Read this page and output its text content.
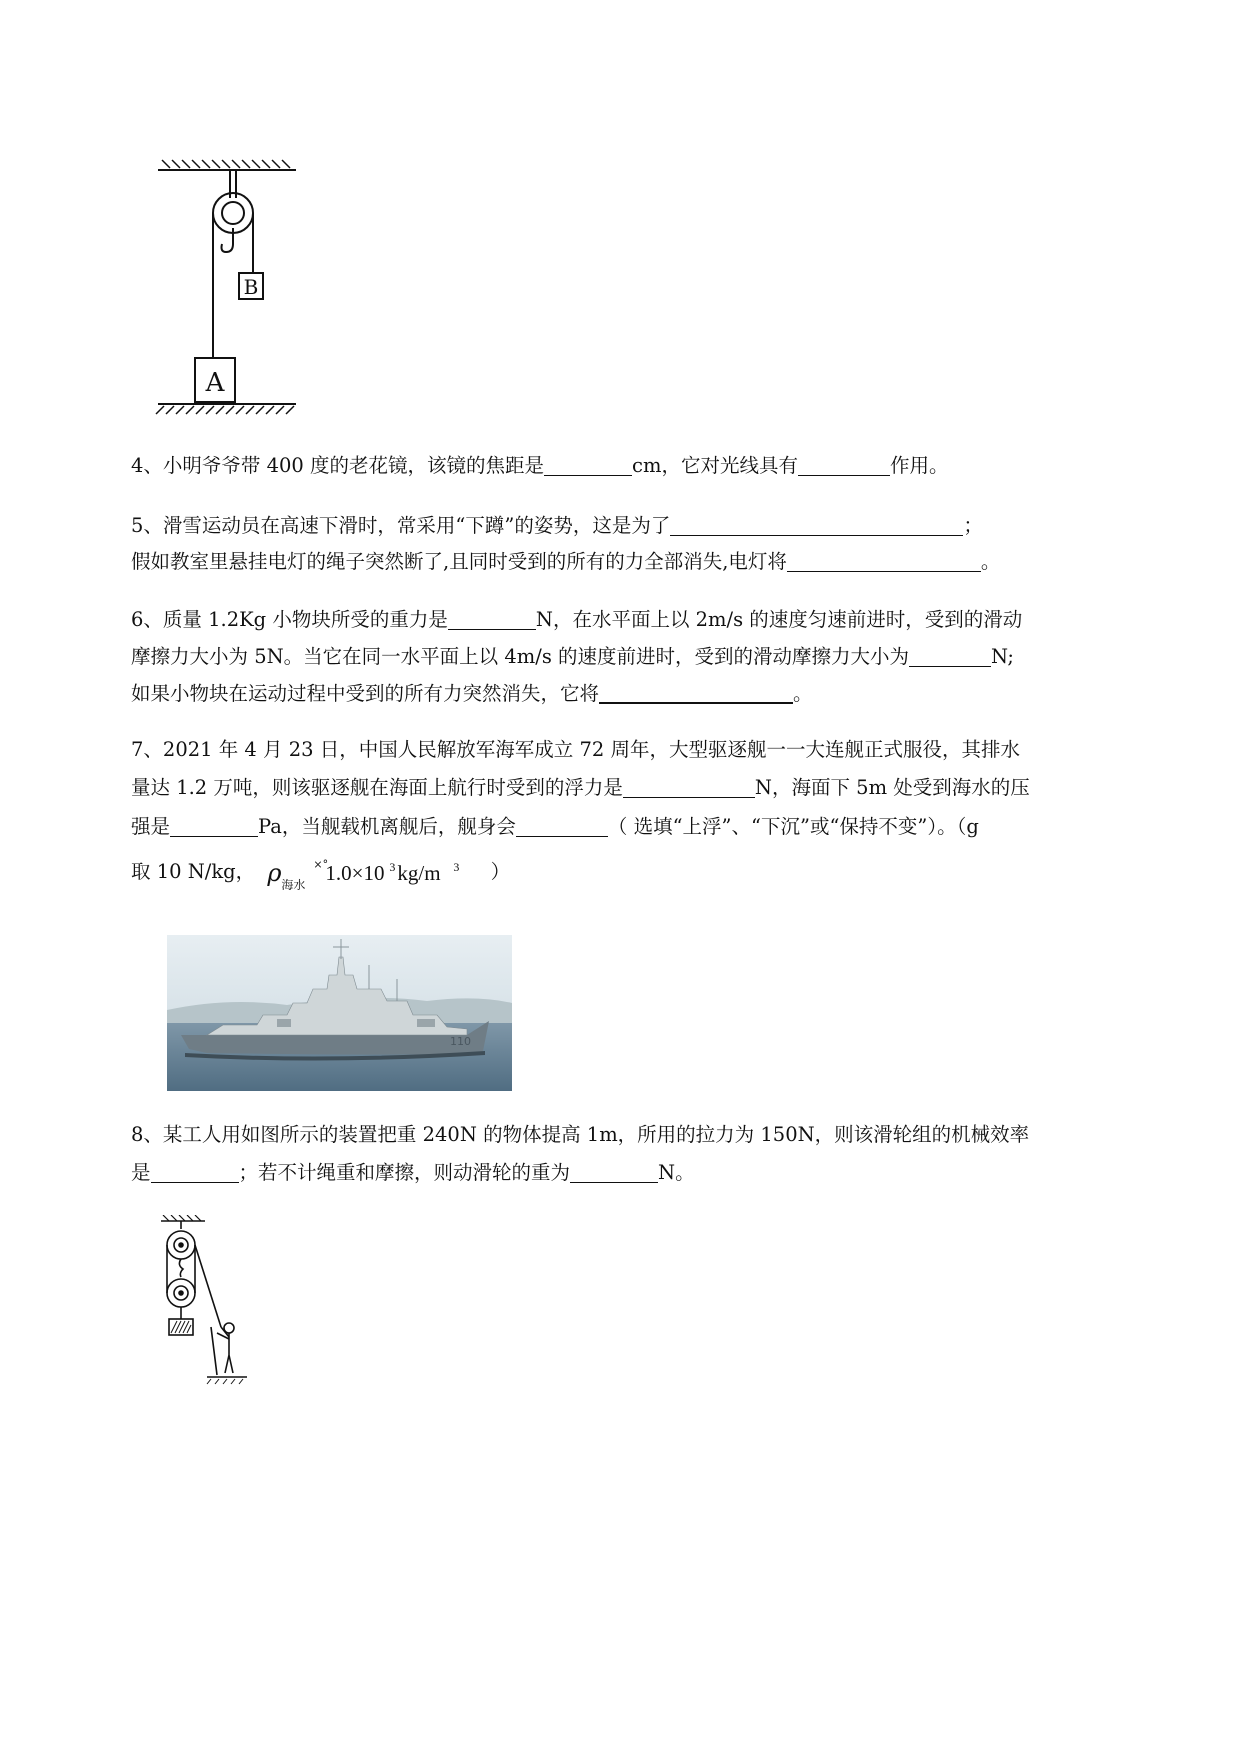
B
A
4、小明爷爷带 400 度的老花镜，该镜的焦距是	cm，它对光线具有	作用。
5、滑雪运动员在高速下滑时，常采用“下蹲”的姿势，这是为了	；
假如教室里悬挂电灯的绳子突然断了,且同时受到的所有的力全部消失,电灯将	。
6、质量 1.2Kg 小物块所受的重力是	N，在水平面上以 2m/s 的速度匀速前进时，受到的滑动
摩擦力大小为 5N。当它在同一水平面上以 4m/s 的速度前进时，受到的滑动摩擦力大小为	N;
如果小物块在运动过程中受到的所有力突然消失，它将	。
7、2021 年 4 月 23 日，中国人民解放军海军成立 72 周年，大型驱逐舰一一大连舰正式服役，其排水
量达 1.2 万吨，则该驱逐舰在海面上航行时受到的浮力是	N，海面下 5m 处受到海水的压
强是	Pa，当舰载机离舰后，舰身会	（ 选填“上浮”、“下沉”或“保持不变”）。（g
取 10 N/kg， ρ 海水
×°
1.0×10 3 kg/m 3 ）
110
8、某工人用如图所示的装置把重 240N 的物体提高 1m，所用的拉力为 150N，则该滑轮组的机械效率
是	；若不计绳重和摩擦，则动滑轮的重为	N。
